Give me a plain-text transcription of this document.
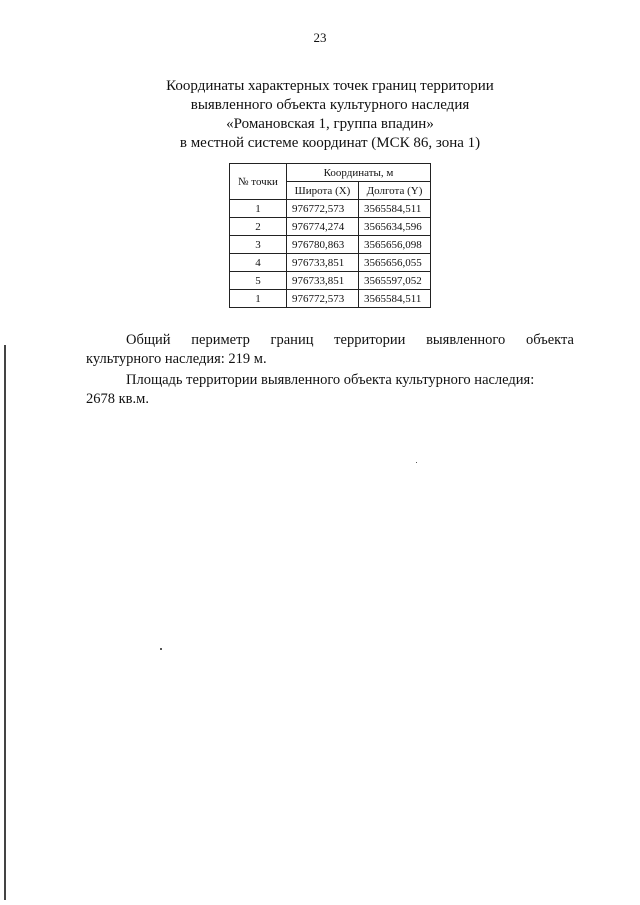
23
Координаты характерных точек границ территории
выявленного объекта культурного наследия
«Романовская 1, группа впадин»
в местной системе координат (МСК 86, зона 1)
№ точки	Координаты, м	
	Широта (X)	Долгота (Y)
1	976772,573	3565584,511
2	976774,274	3565634,596
3	976780,863	3565656,098
4	976733,851	3565656,055
5	976733,851	3565597,052
1	976772,573	3565584,511
Общий периметр границ территории выявленного объекта
культурного наследия: 219 м.
Площадь территории выявленного объекта культурного наследия:
2678 кв.м.
